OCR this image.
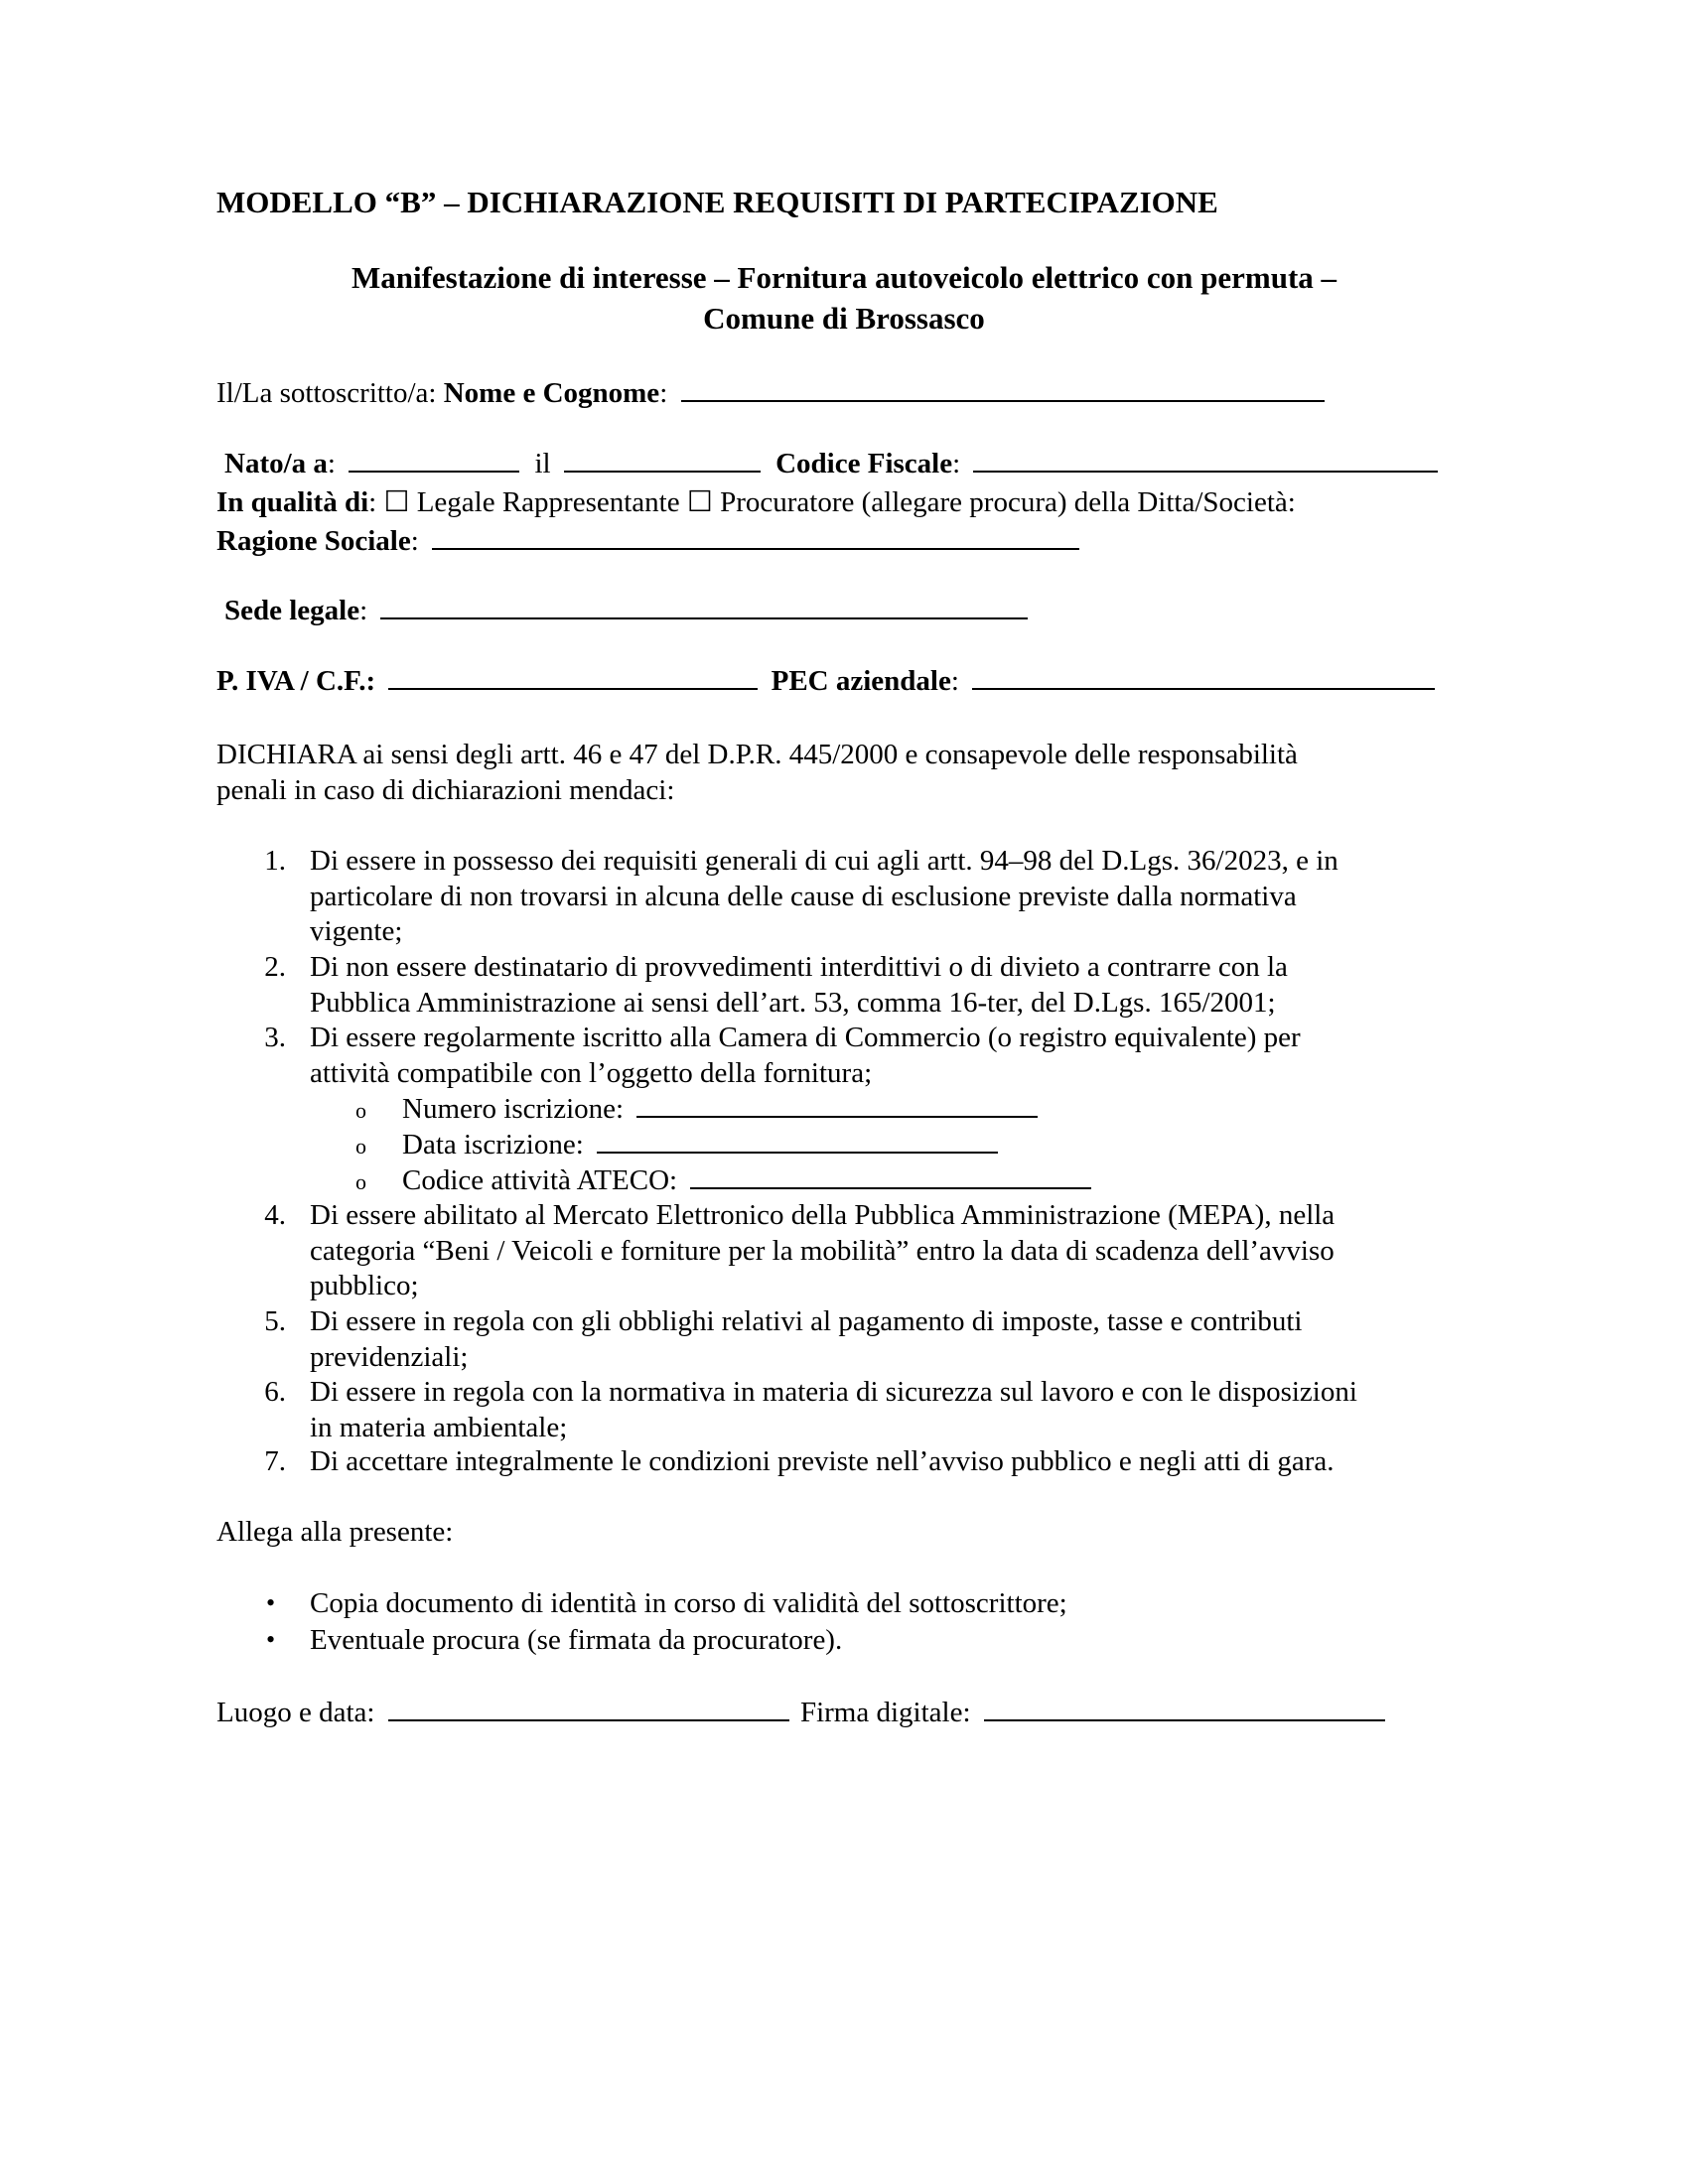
MODELLO “B” – DICHIARAZIONE REQUISITI DI PARTECIPAZIONE
Manifestazione di interesse – Fornitura autoveicolo elettrico con permuta –
Comune di Brossasco
Il/La sottoscritto/a: Nome e Cognome:
Nato/a a:	il	Codice Fiscale:
In qualità di: ☐ Legale Rappresentante ☐ Procuratore (allegare procura) della Ditta/Società:
Ragione Sociale:
Sede legale:
P. IVA / C.F.:	PEC aziendale:
DICHIARA ai sensi degli artt. 46 e 47 del D.P.R. 445/2000 e consapevole delle responsabilità
penali in caso di dichiarazioni mendaci:
1. Di essere in possesso dei requisiti generali di cui agli artt. 94–98 del D.Lgs. 36/2023, e in
particolare di non trovarsi in alcuna delle cause di esclusione previste dalla normativa
vigente;
2. Di non essere destinatario di provvedimenti interdittivi o di divieto a contrarre con la
Pubblica Amministrazione ai sensi dell’art. 53, comma 16-ter, del D.Lgs. 165/2001;
3. Di essere regolarmente iscritto alla Camera di Commercio (o registro equivalente) per
attività compatibile con l’oggetto della fornitura;
o Numero iscrizione:
o Data iscrizione:
o Codice attività ATECO:
4. Di essere abilitato al Mercato Elettronico della Pubblica Amministrazione (MEPA), nella
categoria “Beni / Veicoli e forniture per la mobilità” entro la data di scadenza dell’avviso
pubblico;
5. Di essere in regola con gli obblighi relativi al pagamento di imposte, tasse e contributi
previdenziali;
6. Di essere in regola con la normativa in materia di sicurezza sul lavoro e con le disposizioni
in materia ambientale;
7. Di accettare integralmente le condizioni previste nell’avviso pubblico e negli atti di gara.
Allega alla presente:
• Copia documento di identità in corso di validità del sottoscrittore;
• Eventuale procura (se firmata da procuratore).
Luogo e data:	Firma digitale:
